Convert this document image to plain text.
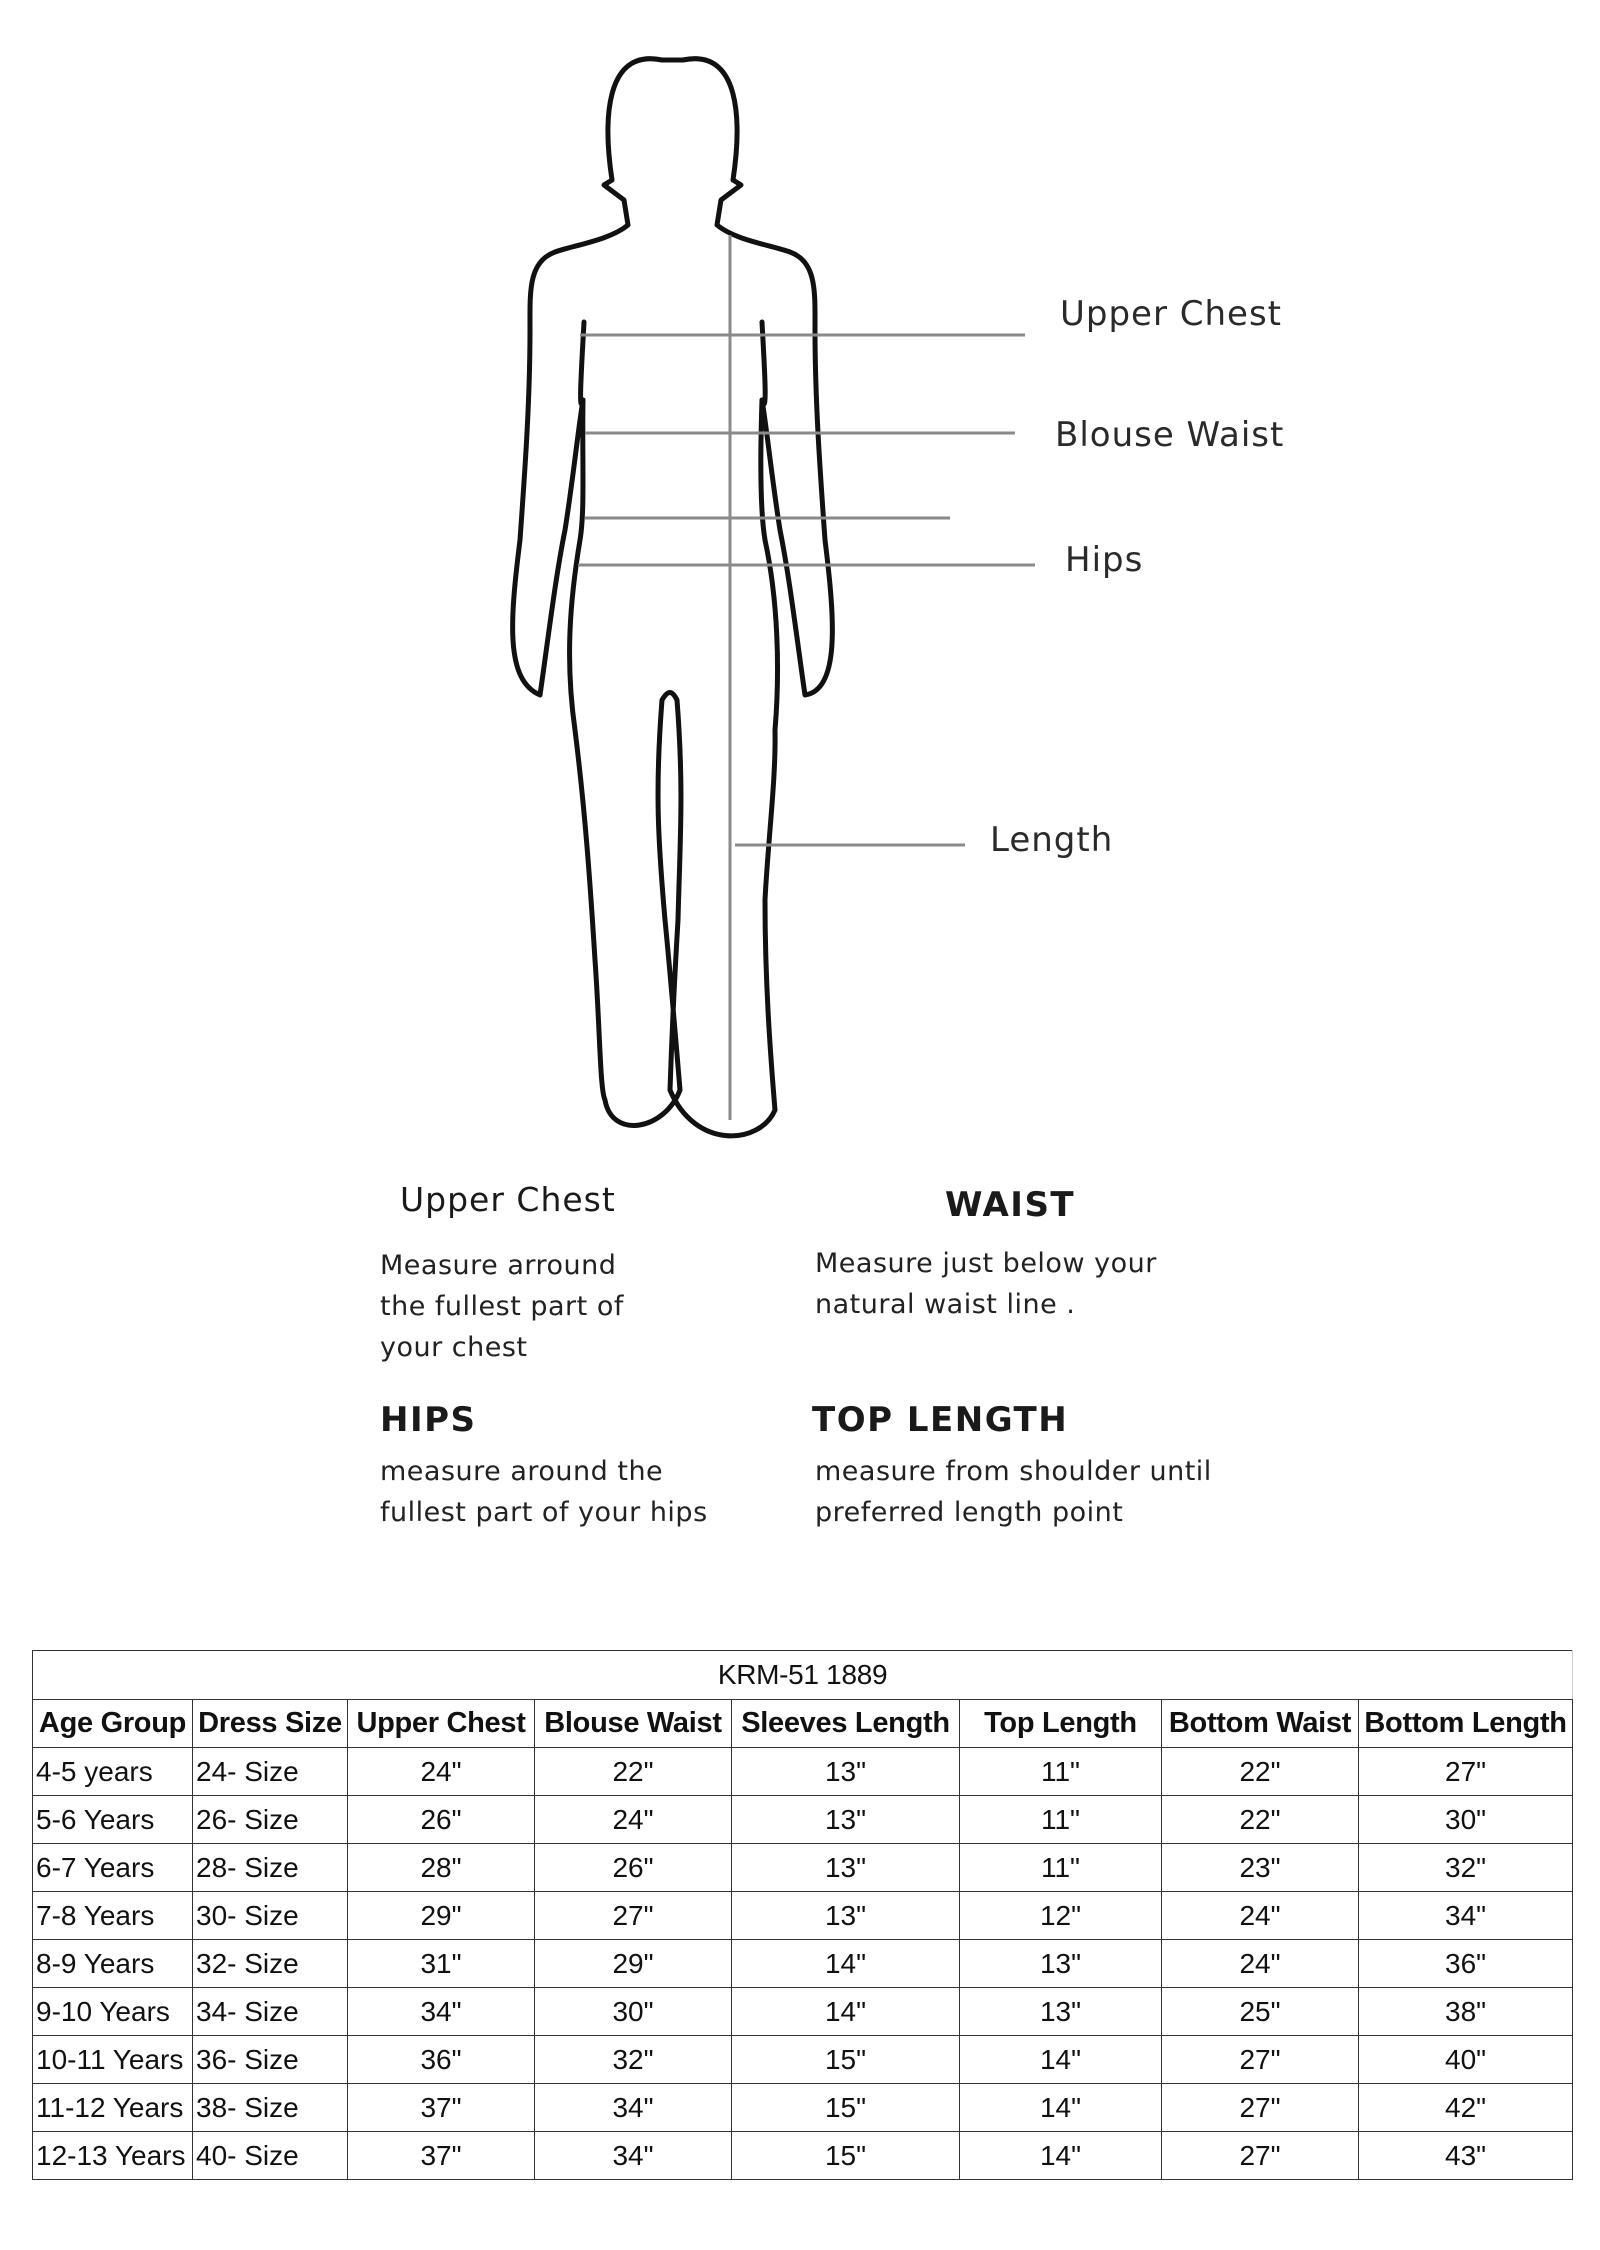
Upper Chest
Blouse Waist
Hips
Length
Upper Chest
Measure arround
the fullest part of
your chest
WAIST
Measure just below your
natural waist line .
HIPS
measure around the
fullest part of your hips
TOP LENGTH
measure from shoulder until
preferred length point
KRM-51 1889							
Age Group	Dress Size	Upper Chest	Blouse Waist	Sleeves Length	Top Length	Bottom Waist	Bottom Length
4-5 years	24- Size	24"	22"	13"	11"	22"	27"
5-6 Years	26- Size	26"	24"	13"	11"	22"	30"
6-7 Years	28- Size	28"	26"	13"	11"	23"	32"
7-8 Years	30- Size	29"	27"	13"	12"	24"	34"
8-9 Years	32- Size	31"	29"	14"	13"	24"	36"
9-10 Years	34- Size	34"	30"	14"	13"	25"	38"
10-11 Years	36- Size	36"	32"	15"	14"	27"	40"
11-12 Years	38- Size	37"	34"	15"	14"	27"	42"
12-13 Years	40- Size	37"	34"	15"	14"	27"	43"
